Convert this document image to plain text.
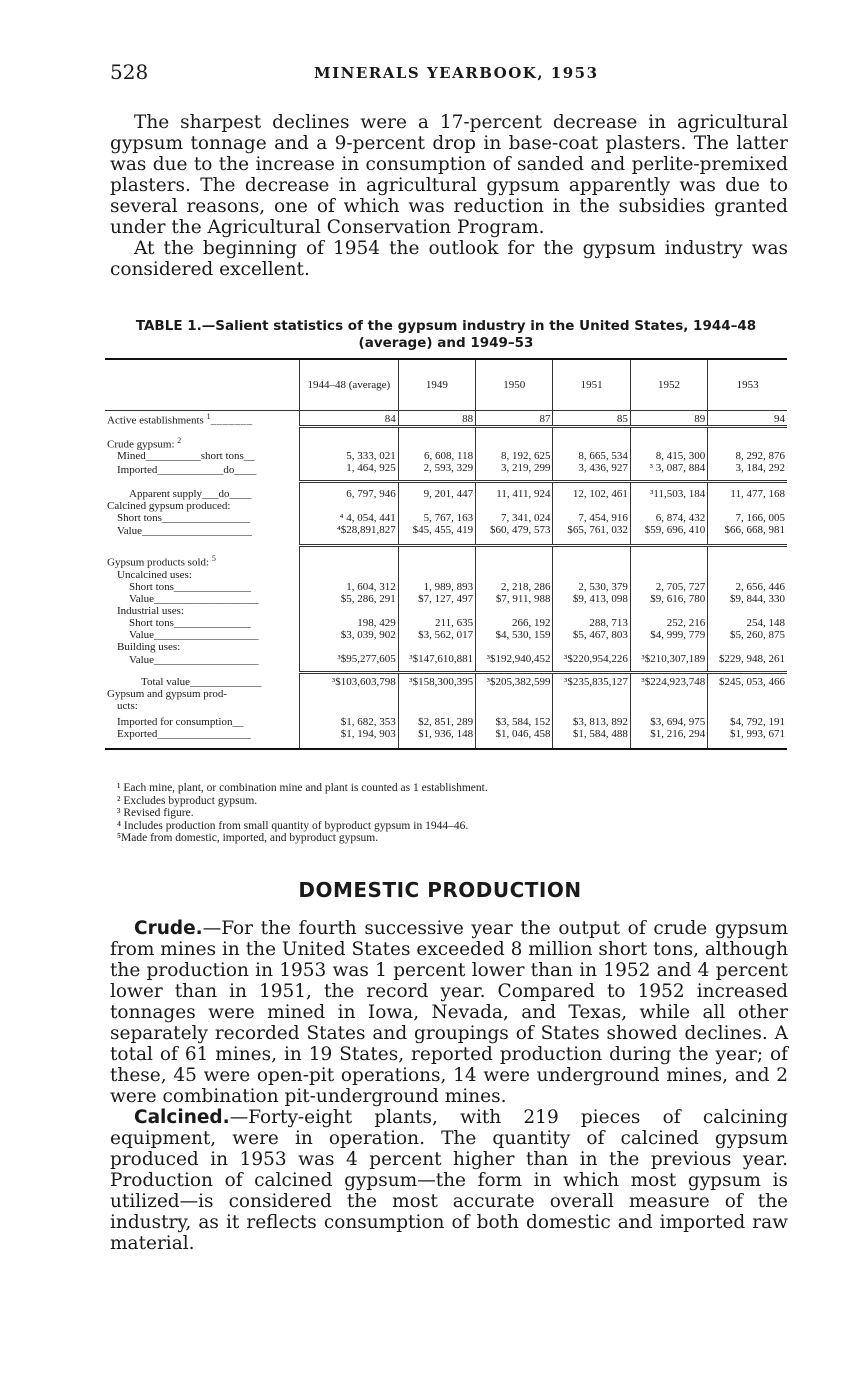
528	MINERALS YEARBOOK, 1953

The sharpest declines were a 17-percent decrease in agricultural gypsum tonnage and a 9-percent drop in base-coat plasters. The latter was due to the increase in consumption of sanded and perlite-premixed plasters. The decrease in agricultural gypsum apparently was due to several reasons, one of which was reduction in the subsidies granted under the Agricultural Conservation Program.

At the beginning of 1954 the outlook for the gypsum industry was considered excellent.

TABLE 1.—Salient statistics of the gypsum industry in the United States, 1944–48
(average) and 1949–53
	1944–48 (average)	1949	1950	1951	1952	1953
Active establishments $^1$_______	84	88	87	85	89	94
Crude gypsum: $^2$						
Mined__________short tons__	5, 333, 021	6, 608, 118	8, 192, 625	8, 665, 534	8, 415, 300	8, 292, 876
Imported____________do____	1, 464, 925	2, 593, 329	3, 219, 299	3, 436, 927	³ 3, 087, 884	3, 184, 292
Apparent supply___do____	6, 797, 946	9, 201, 447	11, 411, 924	12, 102, 461	³11,503, 184	11, 477, 168
Calcined gypsum produced:						
Short tons________________	⁴ 4, 054, 441	5, 767, 163	7, 341, 024	7, 454, 916	6, 874, 432	7, 166, 005
Value____________________	⁴$28,891,827	$45, 455, 419	$60, 479, 573	$65, 761, 032	$59, 696, 410	$66, 668, 981
Gypsum products sold: $^5$						
Uncalcined uses:						
Short tons______________	1, 604, 312	1, 989, 893	2, 218, 286	2, 530, 379	2, 705, 727	2, 656, 446
Value___________________	$5, 286, 291	$7, 127, 497	$7, 911, 988	$9, 413, 098	$9, 616, 780	$9, 844, 330
Industrial uses:						
Short tons______________	198, 429	211, 635	266, 192	288, 713	252, 216	254, 148
Value___________________	$3, 039, 902	$3, 562, 017	$4, 530, 159	$5, 467, 803	$4, 999, 779	$5, 260, 875
Building uses:						
Value___________________	³$95,277,605	³$147,610,881	³$192,940,452	³$220,954,226	³$210,307,189	$229, 948, 261
Total value_____________	³$103,603,798	³$158,300,395	³$205,382,599	³$235,835,127	³$224,923,748	$245, 053, 466
Gypsum and gypsum prod-						
ucts:						
Imported for consumption__	$1, 682, 353	$2, 851, 289	$3, 584, 152	$3, 813, 892	$3, 694, 975	$4, 792, 191
Exported_________________	$1, 194, 903	$1, 936, 148	$1, 046, 458	$1, 584, 488	$1, 216, 294	$1, 993, 671
¹ Each mine, plant, or combination mine and plant is counted as 1 establishment.
² Excludes byproduct gypsum.
³ Revised figure.
⁴ Includes production from small quantity of byproduct gypsum in 1944–46.
⁵Made from domestic, imported, and byproduct gypsum.
DOMESTIC PRODUCTION

Crude.—For the fourth successive year the output of crude gypsum from mines in the United States exceeded 8 million short tons, although the production in 1953 was 1 percent lower than in 1952 and 4 percent lower than in 1951, the record year. Compared to 1952 increased tonnages were mined in Iowa, Nevada, and Texas, while all other separately recorded States and groupings of States showed declines. A total of 61 mines, in 19 States, reported production during the year; of these, 45 were open-pit operations, 14 were underground mines, and 2 were combination pit-underground mines.

Calcined.—Forty-eight plants, with 219 pieces of calcining equipment, were in operation. The quantity of calcined gypsum produced in 1953 was 4 percent higher than in the previous year. Production of calcined gypsum—the form in which most gypsum is utilized—is considered the most accurate overall measure of the industry, as it reflects consumption of both domestic and imported raw material.
